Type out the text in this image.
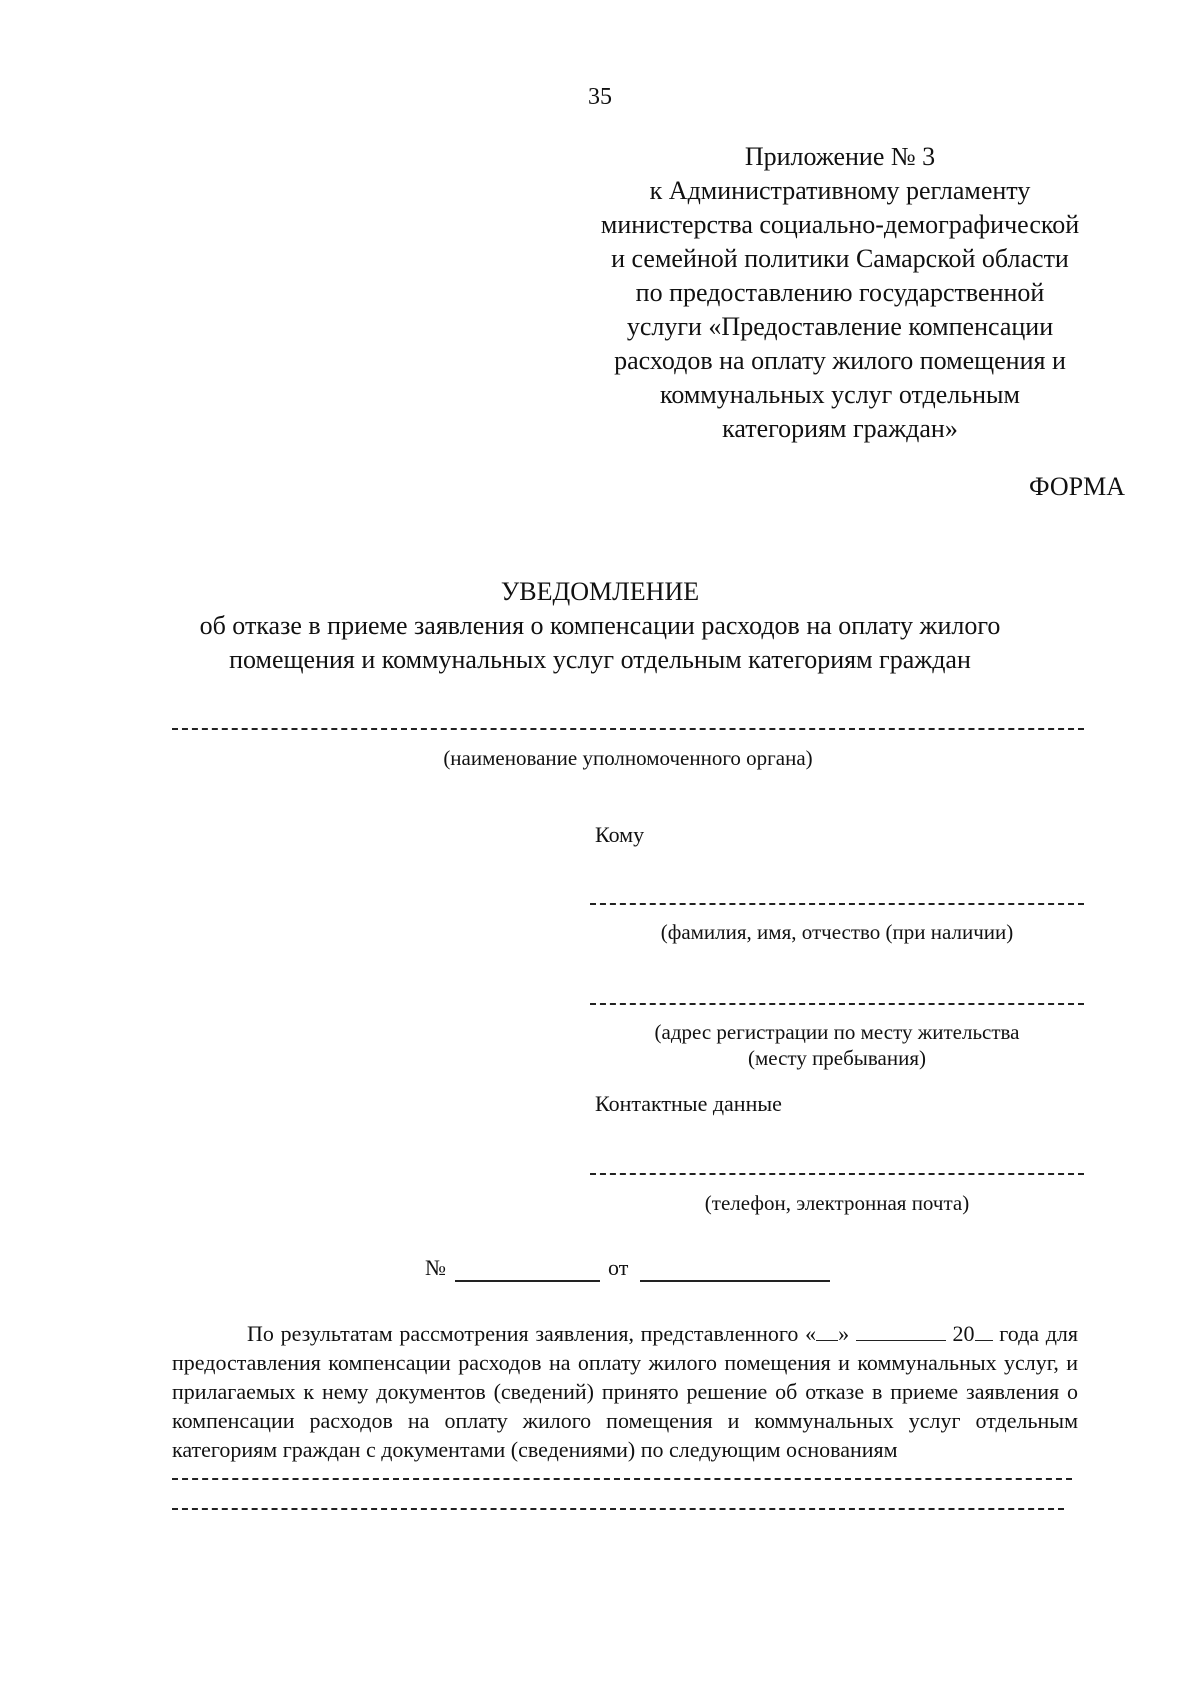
35
Приложение № 3
к Административному регламенту
министерства социально-демографической
и семейной политики Самарской области
по предоставлению государственной
услуги «Предоставление компенсации
расходов на оплату жилого помещения и
коммунальных услуг отдельным
категориям граждан»
ФОРМА
УВЕДОМЛЕНИЕ
об отказе в приеме заявления о компенсации расходов на оплату жилого
помещения и коммунальных услуг отдельным категориям граждан
(наименование уполномоченного органа)
Кому
(фамилия, имя, отчество (при наличии)
(адрес регистрации по месту жительства
(месту пребывания)
Контактные данные
(телефон, электронная почта)
№	от
По результатам рассмотрения заявления, представленного « »	20 года для предоставления компенсации расходов на оплату жилого помещения и коммунальных услуг, и прилагаемых к нему документов (сведений) принято решение об отказе в приеме заявления о компенсации расходов на оплату жилого помещения и коммунальных услуг отдельным категориям граждан с документами (сведениями) по следующим основаниям
